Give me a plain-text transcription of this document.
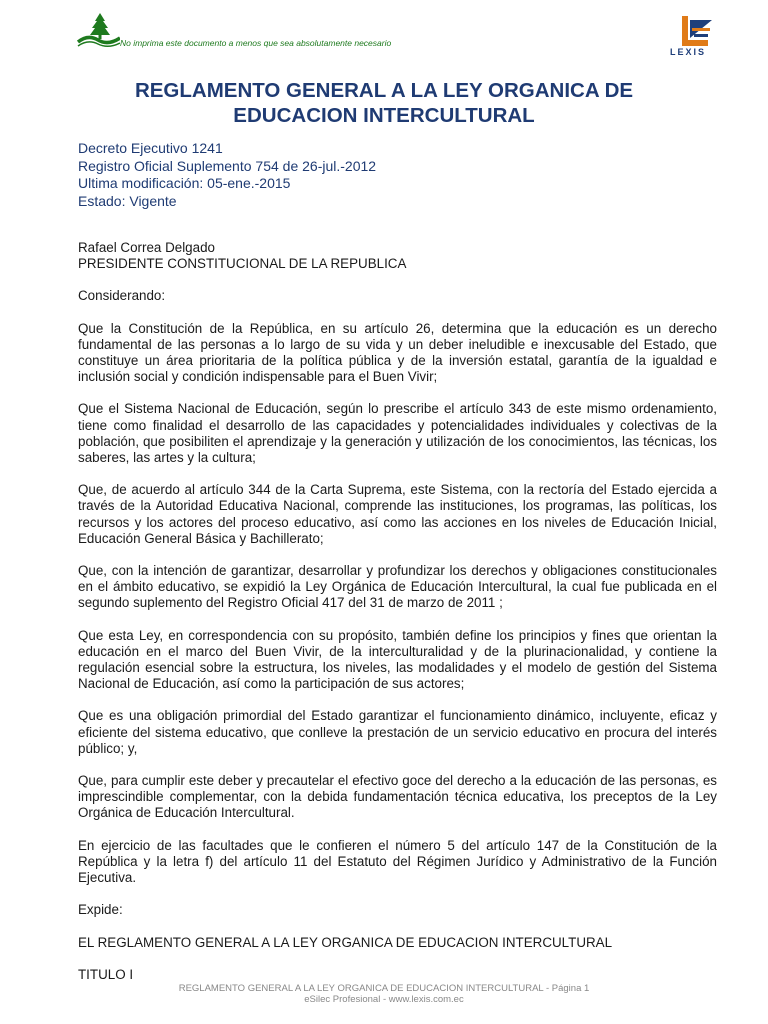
No imprima este documento a menos que sea absolutamente necesario
LEXIS
REGLAMENTO GENERAL A LA LEY ORGANICA DE
EDUCACION INTERCULTURAL
Decreto Ejecutivo 1241
Registro Oficial Suplemento 754 de 26-jul.-2012
Ultima modificación: 05-ene.-2015
Estado: Vigente

Rafael Correa Delgado

PRESIDENTE CONSTITUCIONAL DE LA REPUBLICA

Considerando:

Que la Constitución de la República, en su artículo 26, determina que la educación es un derecho fundamental de las personas a lo largo de su vida y un deber ineludible e inexcusable del Estado, que constituye un área prioritaria de la política pública y de la inversión estatal, garantía de la igualdad e inclusión social y condición indispensable para el Buen Vivir;

Que el Sistema Nacional de Educación, según lo prescribe el artículo 343 de este mismo ordenamiento, tiene como finalidad el desarrollo de las capacidades y potencialidades individuales y colectivas de la población, que posibiliten el aprendizaje y la generación y utilización de los conocimientos, las técnicas, los saberes, las artes y la cultura;

Que, de acuerdo al artículo 344 de la Carta Suprema, este Sistema, con la rectoría del Estado ejercida a través de la Autoridad Educativa Nacional, comprende las instituciones, los programas, las políticas, los recursos y los actores del proceso educativo, así como las acciones en los niveles de Educación Inicial, Educación General Básica y Bachillerato;

Que, con la intención de garantizar, desarrollar y profundizar los derechos y obligaciones constitucionales en el ámbito educativo, se expidió la Ley Orgánica de Educación Intercultural, la cual fue publicada en el segundo suplemento del Registro Oficial 417 del 31 de marzo de 2011 ;

Que esta Ley, en correspondencia con su propósito, también define los principios y fines que orientan la educación en el marco del Buen Vivir, de la interculturalidad y de la plurinacionalidad, y contiene la regulación esencial sobre la estructura, los niveles, las modalidades y el modelo de gestión del Sistema Nacional de Educación, así como la participación de sus actores;

Que es una obligación primordial del Estado garantizar el funcionamiento dinámico, incluyente, eficaz y eficiente del sistema educativo, que conlleve la prestación de un servicio educativo en procura del interés público; y,

Que, para cumplir este deber y precautelar el efectivo goce del derecho a la educación de las personas, es imprescindible complementar, con la debida fundamentación técnica educativa, los preceptos de la Ley Orgánica de Educación Intercultural.

En ejercicio de las facultades que le confieren el número 5 del artículo 147 de la Constitución de la República y la letra f) del artículo 11 del Estatuto del Régimen Jurídico y Administrativo de la Función Ejecutiva.

Expide:

EL REGLAMENTO GENERAL A LA LEY ORGANICA DE EDUCACION INTERCULTURAL

TITULO I

REGLAMENTO GENERAL A LA LEY ORGANICA DE EDUCACION INTERCULTURAL - Página 1
eSilec Profesional - www.lexis.com.ec
